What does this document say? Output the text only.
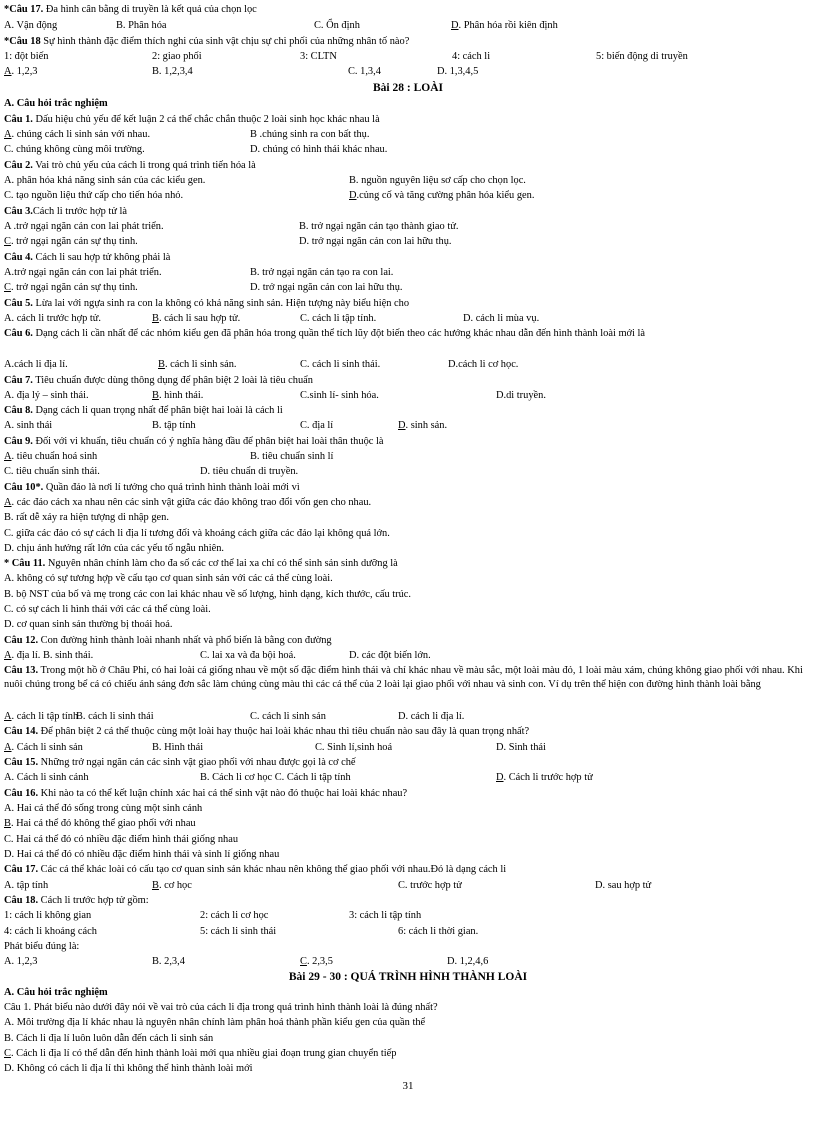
*Câu 17. Đa hình cân bằng di truyền là kết quả của chọn lọc
A. Vận động	B. Phân hóa	C. Ổn định	D. Phân hóa rồi kiên định
*Câu 18 Sự hình thành đặc điểm thích nghi của sinh vật chịu sự chi phối của những nhân tố nào?
1: đột biến	2: giao phối	3: CLTN	4: cách li	5: biến động di truyền
A. 1,2,3	B. 1,2,3,4	C. 1,3,4	D. 1,3,4,5
Bài 28 : LOÀI
A. Câu hỏi trắc nghiệm
Câu 1. Dấu hiệu chủ yếu để kết luận 2 cá thể chắc chắn thuộc 2 loài sinh học khác nhau là
A. chúng cách li sinh sản với nhau.	B .chúng sinh ra con bất thụ.
C. chúng không cùng môi trường.	D. chúng có hình thái khác nhau.
Câu 2. Vai trò chủ yếu của cách li trong quá trình tiến hóa là
A. phân hóa khả năng sinh sản của các kiểu gen.	B. nguồn nguyên liệu sơ cấp cho chọn lọc.
C. tạo nguồn liệu thứ cấp cho tiến hóa nhỏ.	D.củng cố và tăng cường phân hóa kiểu gen.
Câu 3.Cách li trước hợp tử là
A .trở ngại ngăn cản con lai phát triển.	B. trở ngại ngăn cản tạo thành giao tử.
C. trở ngại ngăn cản sự thụ tinh.	D. trở ngại ngăn cản con lai hữu thụ.
Câu 4. Cách li sau hợp tử không phải là
A.trở ngại ngăn cản con lai phát triển.	B. trở ngại ngăn cản tạo ra con lai.
C. trở ngại ngăn cản sự thụ tinh.	D. trở ngại ngăn cản con lai hữu thụ.
Câu 5. Lừa lai với ngựa sinh ra con la không có khả năng sinh sản. Hiện tượng này biểu hiện cho
A. cách li trước hợp tử.	B. cách li sau hợp tử.	C. cách li tập tính.	D. cách li mùa vụ.
Câu 6. Dạng cách li cần nhất để các nhóm kiểu gen đã phân hóa trong quần thể tích lũy đột biến theo các hướng khác nhau dẫn đến hình thành loài mới là
A.cách li địa lí.	B. cách li sinh sản.	C. cách li sinh thái.	D.cách li cơ học.
Câu 7. Tiêu chuẩn được dùng thông dụng để phân biệt 2 loài là tiêu chuẩn
A. địa lý – sinh thái.	B. hình thái.	C.sinh lí- sinh hóa.	D.di truyền.
Câu 8. Dạng cách li quan trọng nhất để phân biệt hai loài là cách li
A. sinh thái	B. tập tính	C. địa lí	D. sinh sản.
Câu 9. Đối với vi khuẩn, tiêu chuẩn có ý nghĩa hàng đầu để phân biệt hai loài thân thuộc là
A. tiêu chuẩn hoá sinh	B. tiêu chuẩn sinh lí
C. tiêu chuẩn sinh thái.	D. tiêu chuẩn di truyền.
Câu 10*. Quần đảo là nơi lí tưởng cho quá trình hình thành loài mới vì
A. các đảo cách xa nhau nên các sinh vật giữa các đảo không trao đổi vốn gen cho nhau.
B. rất dễ xảy ra hiện tượng di nhập gen.
C. giữa các đảo có sự cách li địa lí tương đối và khoảng cách giữa các đảo lại không quá lớn.
D. chịu ảnh hưởng rất lớn của các yếu tố ngẫu nhiên.
* Câu 11. Nguyên nhân chính làm cho đa số các cơ thể lai xa chỉ có thể sinh sản sinh dưỡng là
A. không có sự tương hợp về cấu tạo cơ quan sinh sản với các cá thể cùng loài.
B. bộ NST của bố và mẹ trong các con lai khác nhau về số lượng, hình dạng, kích thước, cấu trúc.
C. có sự cách li hình thái với các cá thể cùng loài.
D. cơ quan sinh sản thường bị thoái hoá.
Câu 12. Con đường hình thành loài nhanh nhất và phổ biến là bằng con đường
A. địa lí. B. sinh thái.	C. lai xa và đa bội hoá.	D. các đột biến lớn.
Câu 13. Trong một hồ ở Châu Phi, có hai loài cá giống nhau về một số đặc điểm hình thái và chỉ khác nhau về màu sắc, một loài màu đỏ, 1 loài màu xám, chúng không giao phối với nhau. Khi nuôi chúng trong bể cá có chiếu ánh sáng đơn sắc làm chúng cùng màu thì các cá thể của 2 loài lại giao phối với nhau và sinh con. Ví dụ trên thể hiện con đường hình thành loài bằng
A. cách li tập tính
B. cách li sinh thái	C. cách li sinh sản	D. cách li địa lí.
Câu 14. Để phân biệt 2 cá thể thuộc cùng một loài hay thuộc hai loài khác nhau thì tiêu chuẩn nào sau đây là quan trọng nhất?
A. Cách li sinh sản	B. Hình thái	C. Sinh lí,sinh hoá	D. Sinh thái
Câu 15. Những trở ngại ngăn cản các sinh vật giao phối với nhau được gọi là cơ chế
A. Cách li sinh cảnh	B. Cách li cơ học C. Cách li tập tính	D. Cách li trước hợp tử
Câu 16. Khi nào ta có thể kết luận chính xác hai cá thể sinh vật nào đó thuộc hai loài khác nhau?
A. Hai cá thể đó sống trong cùng một sinh cảnh
B. Hai cá thể đó không thể giao phối với nhau
C. Hai cá thể đó có nhiều đặc điểm hình thái giống nhau
D. Hai cá thể đó có nhiều đặc điểm hình thái và sinh lí giống nhau
Câu 17. Các cá thể khác loài có cấu tạo cơ quan sinh sản khác nhau nên không thể giao phối với nhau.Đó là dạng cách li
A. tập tính	B. cơ học	C. trước hợp tử	D. sau hợp tử
Câu 18. Cách li trước hợp tử gồm:
1: cách li không gian	2: cách li cơ học	3: cách li tập tính
4: cách li khoảng cách	5: cách li sinh thái	6: cách li thời gian.
Phát biểu đúng là:
A. 1,2,3	B. 2,3,4	C. 2,3,5	D. 1,2,4,6
Bài 29 - 30 : QUÁ TRÌNH HÌNH THÀNH LOÀI
A. Câu hỏi trắc nghiệm
Câu 1. Phát biểu nào dưới đây nói về vai trò của cách li địa trong quá trình hình thành loài là đúng nhất?
A. Môi trường địa lí khác nhau là nguyên nhân chính làm phân hoá thành phần kiểu gen của quần thể
B. Cách li địa lí luôn luôn dẫn đến cách li sinh sản
C. Cách li địa lí có thể dẫn đến hình thành loài mới qua nhiều giai đoạn trung gian chuyển tiếp
D. Không có cách li địa lí thì không thể hình thành loài mới
31
